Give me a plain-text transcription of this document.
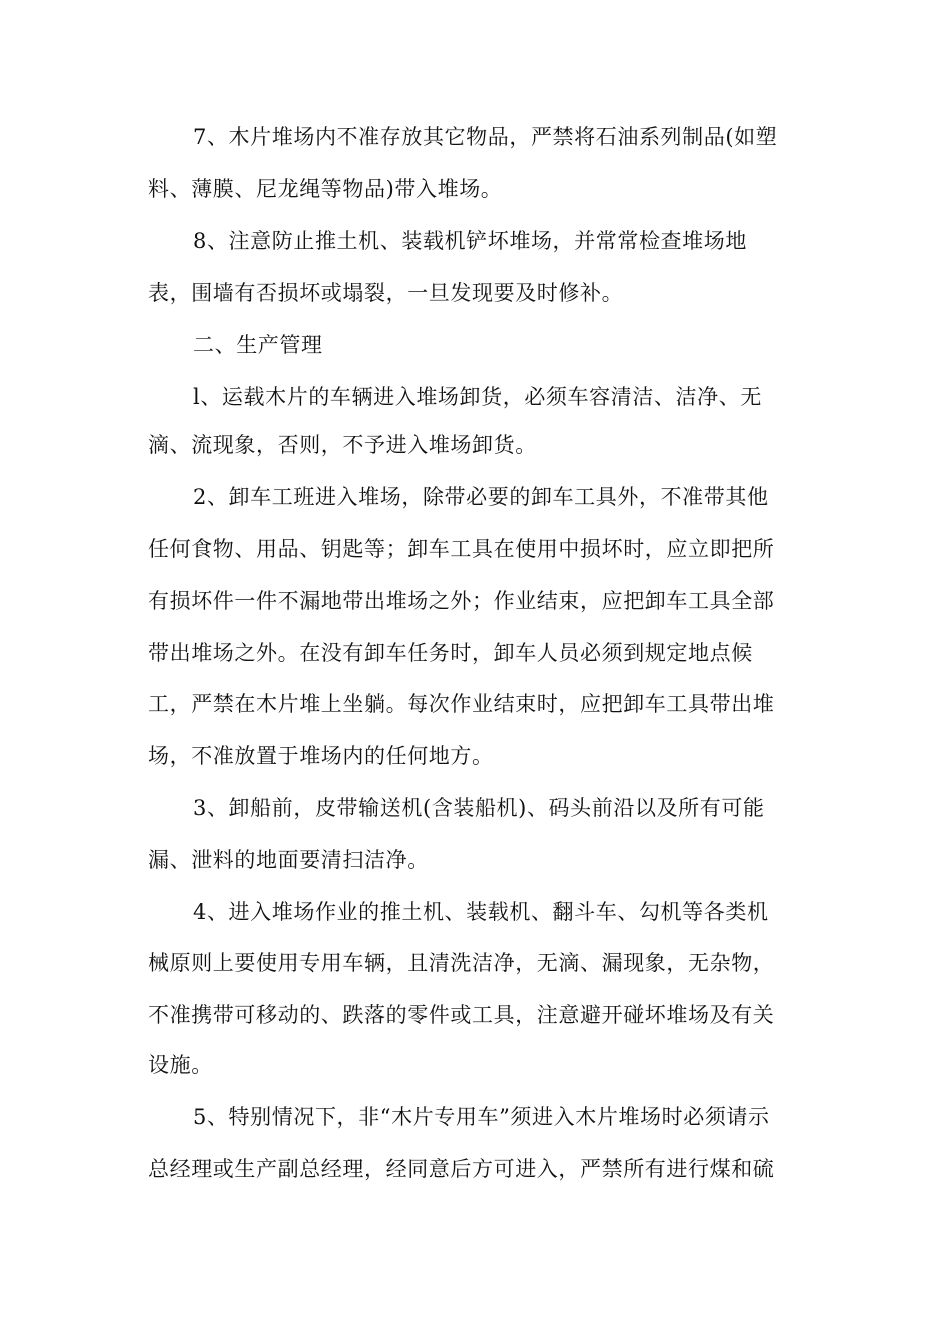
7、木片堆场内不准存放其它物品，严禁将石油系列制品(如塑
料、薄膜、尼龙绳等物品)带入堆场。
8、注意防止推土机、装载机铲坏堆场，并常常检查堆场地
表，围墙有否损坏或塌裂，一旦发现要及时修补。
二、生产管理
l、运载木片的车辆进入堆场卸货，必须车容清洁、洁净、无
滴、流现象，否则，不予进入堆场卸货。
2、卸车工班进入堆场，除带必要的卸车工具外，不准带其他
任何食物、用品、钥匙等；卸车工具在使用中损坏时，应立即把所
有损坏件一件不漏地带出堆场之外；作业结束，应把卸车工具全部
带出堆场之外。在没有卸车任务时，卸车人员必须到规定地点候
工，严禁在木片堆上坐躺。每次作业结束时，应把卸车工具带出堆
场，不准放置于堆场内的任何地方。
3、卸船前，皮带输送机(含装船机)、码头前沿以及所有可能
漏、泄料的地面要清扫洁净。
4、进入堆场作业的推土机、装载机、翻斗车、勾机等各类机
械原则上要使用专用车辆，且清洗洁净，无滴、漏现象，无杂物，
不准携带可移动的、跌落的零件或工具，注意避开碰坏堆场及有关
设施。
5、特别情况下，非“木片专用车”须进入木片堆场时必须请示
总经理或生产副总经理，经同意后方可进入，严禁所有进行煤和硫
